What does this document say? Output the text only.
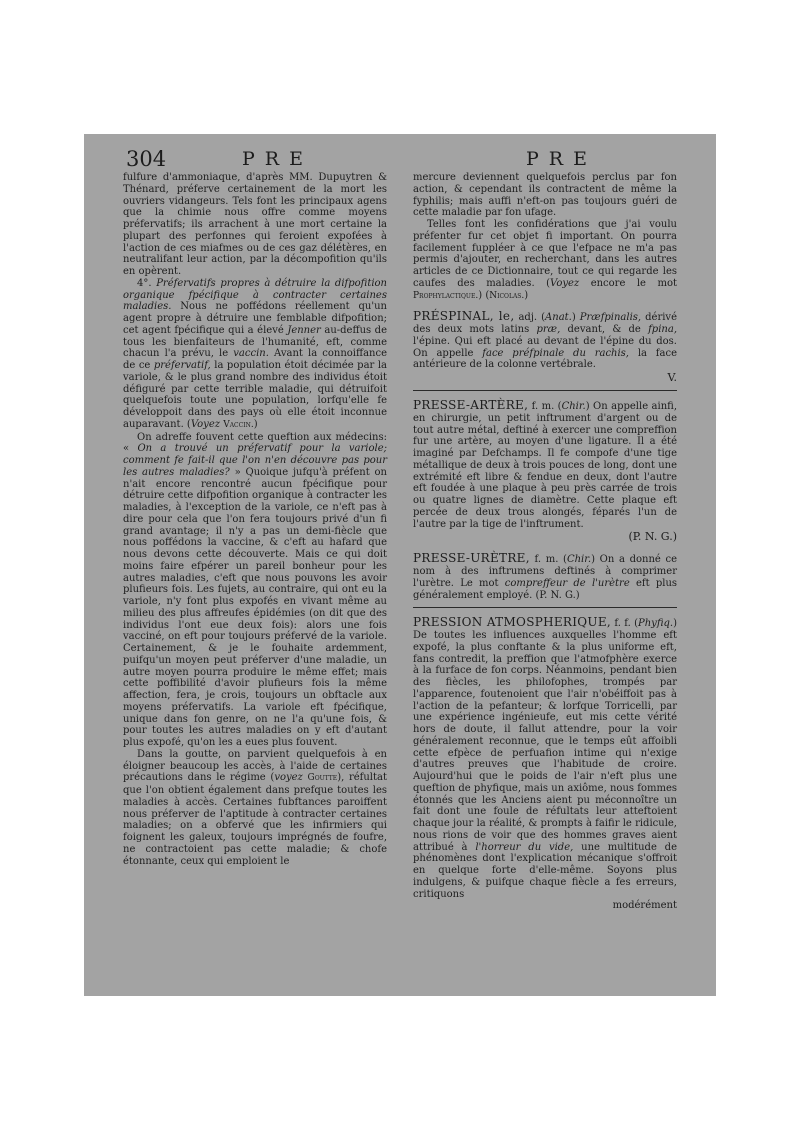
304	PRE	PRE

fulfure d'ammoniaque, d'après MM. Dupuytren & Thénard, préferve certainement de la mort les ouvriers vidangeurs. Tels font les principaux agens que la chimie nous offre comme moyens préfervatifs; ils arrachent à une mort certaine la plupart des perfonnes qui feroient expofées à l'action de ces miafmes ou de ces gaz délétères, en neutralifant leur action, par la décompofition qu'ils en opèrent.

4°. Préfervatifs propres à détruire la difpofition organique fpécifique à contracter certaines maladies. Nous ne poffédons réellement qu'un agent propre à détruire une femblable difpofition; cet agent fpécifique qui a élevé Jenner au-deffus de tous les bienfaiteurs de l'humanité, eft, comme chacun l'a prévu, le vaccin. Avant la connoiffance de ce préfervatif, la population étoit décimée par la variole, & le plus grand nombre des individus étoit défiguré par cette terrible maladie, qui détruifoit quelquefois toute une population, lorfqu'elle fe développoit dans des pays où elle étoit inconnue auparavant. (Voyez Vaccin.)

On adreffe fouvent cette queftion aux médecins: « On a trouvé un préfervatif pour la variole; comment fe fait-il que l'on n'en découvre pas pour les autres maladies? » Quoique jufqu'à préfent on n'ait encore rencontré aucun fpécifique pour détruire cette difpofition organique à contracter les maladies, à l'exception de la variole, ce n'eft pas à dire pour cela que l'on fera toujours privé d'un fi grand avantage; il n'y a pas un demi-fiècle que nous poffédons la vaccine, & c'eft au hafard que nous devons cette découverte. Mais ce qui doit moins faire efpérer un pareil bonheur pour les autres maladies, c'eft que nous pouvons les avoir plufieurs fois. Les fujets, au contraire, qui ont eu la variole, n'y font plus expofés en vivant même au milieu des plus affreufes épidémies (on dit que des individus l'ont eue deux fois): alors une fois vacciné, on eft pour toujours préfervé de la variole. Certainement, & je le fouhaite ardemment, puifqu'un moyen peut préferver d'une maladie, un autre moyen pourra produire le même effet; mais cette poffibilité d'avoir plufieurs fois la même affection, fera, je crois, toujours un obftacle aux moyens préfervatifs. La variole eft fpécifique, unique dans fon genre, on ne l'a qu'une fois, & pour toutes les autres maladies on y eft d'autant plus expofé, qu'on les a eues plus fouvent.

Dans la goutte, on parvient quelquefois à en éloigner beaucoup les accès, à l'aide de certaines précautions dans le régime (voyez Goutte), réfultat que l'on obtient également dans prefque toutes les maladies à accès. Certaines fubftances paroiffent nous préferver de l'aptitude à contracter certaines maladies; on a obfervé que les infirmiers qui foignent les galeux, toujours imprégnés de foufre, ne contractoient pas cette maladie; & chofe étonnante, ceux qui emploient le

mercure deviennent quelquefois perclus par fon action, & cependant ils contractent de même la fyphilis; mais auffi n'eft-on pas toujours guéri de cette maladie par fon ufage.

Telles font les confidérations que j'ai voulu préfenter fur cet objet fi important. On pourra facilement fuppléer à ce que l'efpace ne m'a pas permis d'ajouter, en recherchant, dans les autres articles de ce Dictionnaire, tout ce qui regarde les caufes des maladies. (Voyez encore le mot Prophylactique.) (Nicolas.)

PRÉSPINAL, le, adj. (Anat.) Præfpinalis, dérivé des deux mots latins præ, devant, & de fpina, l'épine. Qui eft placé au devant de l'épine du dos. On appelle face préfpinale du rachis, la face antérieure de la colonne vertébrale.

V.

PRESSE-ARTÈRE, f. m. (Chir.) On appelle ainfi, en chirurgie, un petit inftrument d'argent ou de tout autre métal, deftiné à exercer une compreffion fur une artère, au moyen d'une ligature. Il a été imaginé par Defchamps. Il fe compofe d'une tige métallique de deux à trois pouces de long, dont une extrémité eft libre & fendue en deux, dont l'autre eft foudée à une plaque à peu près carrée de trois ou quatre lignes de diamètre. Cette plaque eft percée de deux trous alongés, féparés l'un de l'autre par la tige de l'inftrument.

(P. N. G.)

PRESSE-URÈTRE, f. m. (Chir.) On a donné ce nom à des inftrumens deftinés à comprimer l'urètre. Le mot compreffeur de l'urètre eft plus généralement employé. (P. N. G.)

PRESSION ATMOSPHERIQUE, f. f. (Phyfiq.) De toutes les influences auxquelles l'homme eft expofé, la plus conftante & la plus uniforme eft, fans contredit, la preffion que l'atmofphère exerce à la furface de fon corps. Néanmoins, pendant bien des fiècles, les philofophes, trompés par l'apparence, foutenoient que l'air n'obéiffoit pas à l'action de la pefanteur; & lorfque Torricelli, par une expérience ingénieufe, eut mis cette vérité hors de doute, il fallut attendre, pour la voir généralement reconnue, que le temps eût affoibli cette efpèce de perfuafion intime qui n'exige d'autres preuves que l'habitude de croire. Aujourd'hui que le poids de l'air n'eft plus une queftion de phyfique, mais un axiôme, nous fommes étonnés que les Anciens aient pu méconnoître un fait dont une foule de réfultats leur atteftoient chaque jour la réalité, & prompts à faifir le ridicule, nous rions de voir que des hommes graves aient attribué à l'horreur du vide, une multitude de phénomènes dont l'explication mécanique s'offroit en quelque forte d'elle-même. Soyons plus indulgens, & puifque chaque fiècle a fes erreurs, critiquons

modérément
